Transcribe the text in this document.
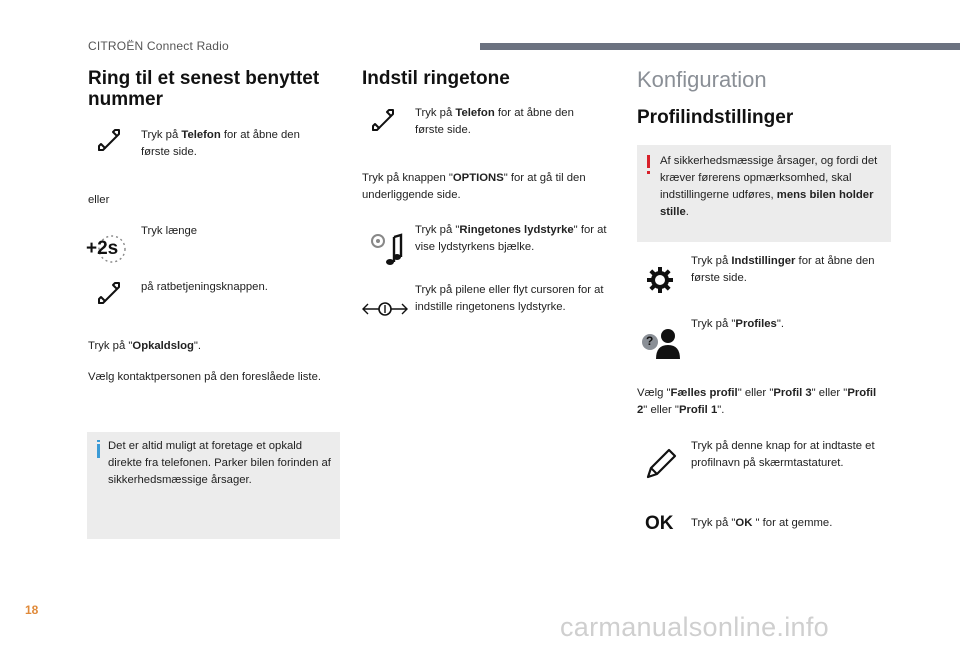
CITROËN Connect Radio
Ring til et senest benyttet nummer
Tryk på Telefon for at åbne den første side.
eller
+2s
Tryk længe
på ratbetjeningsknappen.
Tryk på "Opkaldslog".
Vælg kontaktpersonen på den foreslåede liste.
Det er altid muligt at foretage et opkald direkte fra telefonen. Parker bilen forinden af sikkerhedsmæssige årsager.
Indstil ringetone
Tryk på Telefon for at åbne den første side.
Tryk på knappen "OPTIONS" for at gå til den underliggende side.
Tryk på "Ringetones lydstyrke" for at vise lydstyrkens bjælke.
Tryk på pilene eller flyt cursoren for at indstille ringetonens lydstyrke.
Konfiguration
Profilindstillinger
Af sikkerhedsmæssige årsager, og fordi det kræver førerens opmærksomhed, skal indstillingerne udføres, mens bilen holder stille.
Tryk på Indstillinger for at åbne den første side.
?
Tryk på "Profiles".
Vælg "Fælles profil" eller "Profil 3" eller "Profil 2" eller "Profil 1".
Tryk på denne knap for at indtaste et profilnavn på skærmtastaturet.
OK Tryk på "OK " for at gemme.
18
carmanualsonline.info
